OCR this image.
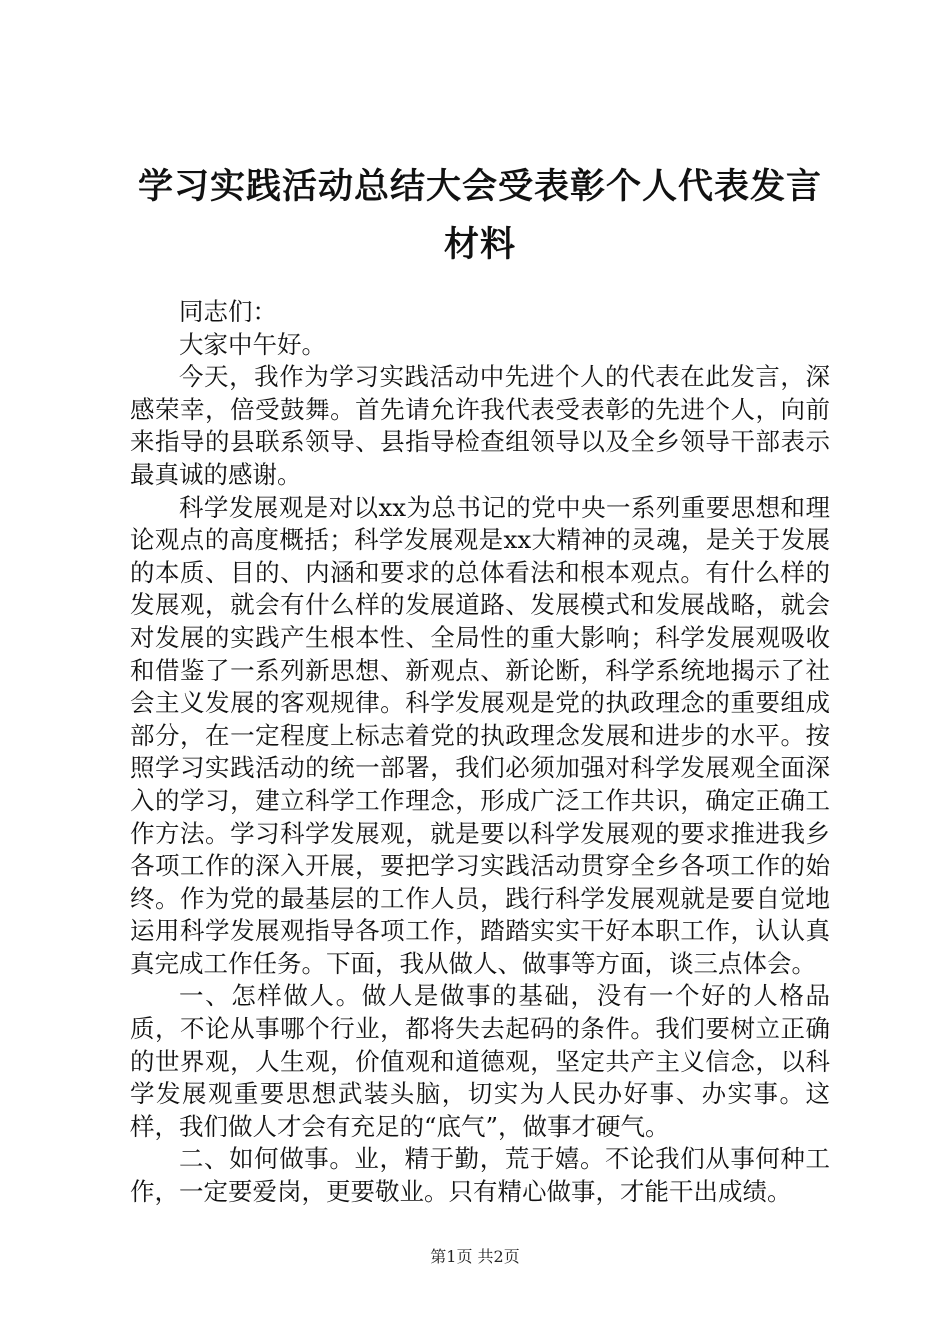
学习实践活动总结大会受表彰个人代表发言材料

同志们：

大家中午好。

今天，我作为学习实践活动中先进个人的代表在此发言，深感荣幸，倍受鼓舞。首先请允许我代表受表彰的先进个人，向前来指导的县联系领导、县指导检查组领导以及全乡领导干部表示最真诚的感谢。

科学发展观是对以xx为总书记的党中央一系列重要思想和理论观点的高度概括；科学发展观是xx大精神的灵魂，是关于发展的本质、目的、内涵和要求的总体看法和根本观点。有什么样的发展观，就会有什么样的发展道路、发展模式和发展战略，就会对发展的实践产生根本性、全局性的重大影响；科学发展观吸收和借鉴了一系列新思想、新观点、新论断，科学系统地揭示了社会主义发展的客观规律。科学发展观是党的执政理念的重要组成部分，在一定程度上标志着党的执政理念发展和进步的水平。按照学习实践活动的统一部署，我们必须加强对科学发展观全面深入的学习，建立科学工作理念，形成广泛工作共识，确定正确工作方法。学习科学发展观，就是要以科学发展观的要求推进我乡各项工作的深入开展，要把学习实践活动贯穿全乡各项工作的始终。作为党的最基层的工作人员，践行科学发展观就是要自觉地运用科学发展观指导各项工作，踏踏实实干好本职工作，认认真真完成工作任务。下面，我从做人、做事等方面，谈三点体会。

一、怎样做人。做人是做事的基础，没有一个好的人格品质，不论从事哪个行业，都将失去起码的条件。我们要树立正确的世界观，人生观，价值观和道德观，坚定共产主义信念，以科学发展观重要思想武装头脑，切实为人民办好事、办实事。这样，我们做人才会有充足的“底气”，做事才硬气。

二、如何做事。业，精于勤，荒于嬉。不论我们从事何种工作，一定要爱岗，更要敬业。只有精心做事，才能干出成绩。

第1页 共2页
